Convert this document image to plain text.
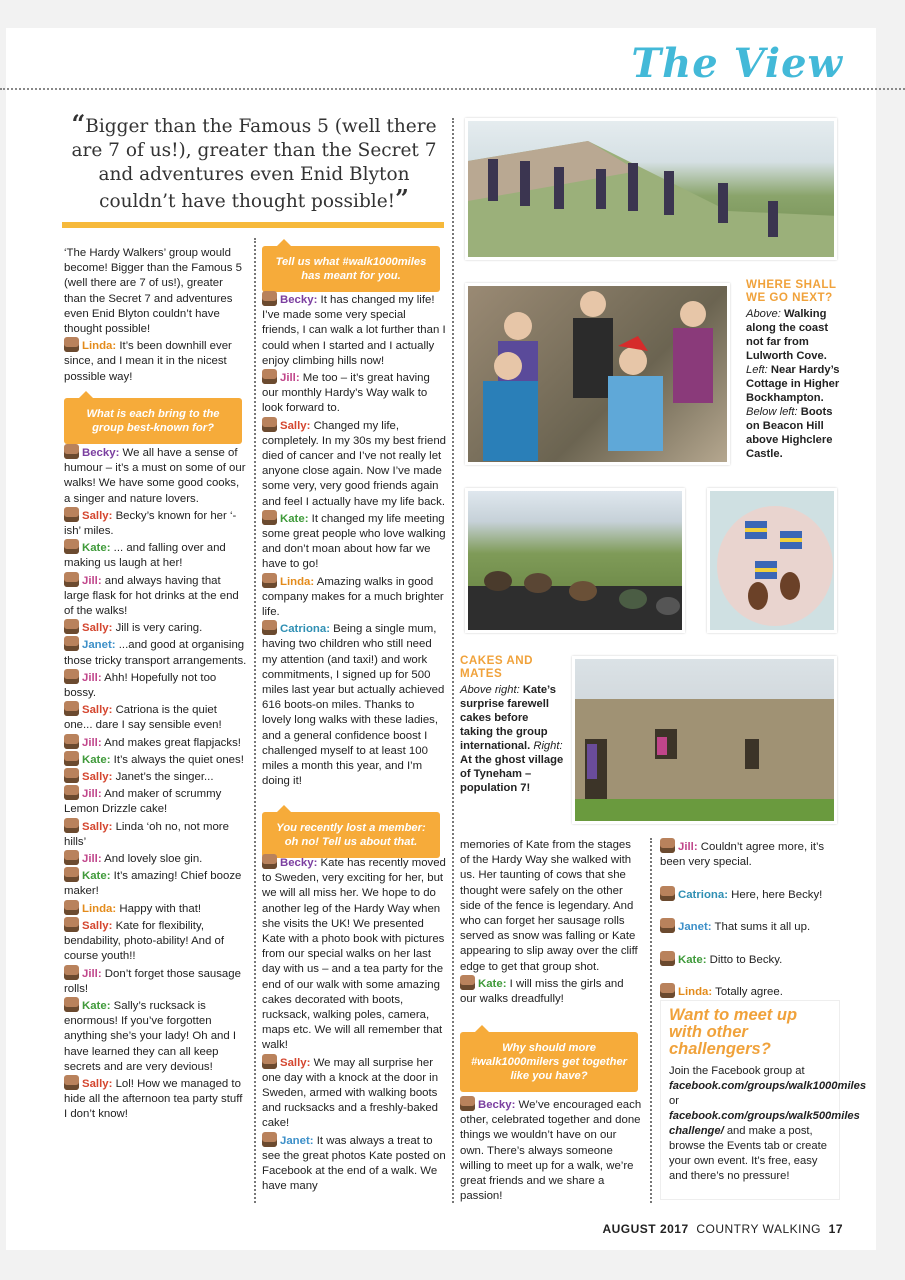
The View
“Bigger than the Famous 5 (well there are 7 of us!), greater than the Secret 7 and adventures even Enid Blyton couldn’t have thought possible!”

‘The Hardy Walkers’ group would become! Bigger than the Famous 5 (well there are 7 of us!), greater than the Secret 7 and adventures even Enid Blyton couldn’t have thought possible!

Linda: It’s been downhill ever since, and I mean it in the nicest possible way!

What is each bring to the group best-known for?

Becky: We all have a sense of humour – it’s a must on some of our walks! We have some good cooks, a singer and nature lovers.

Sally: Becky’s known for her ‘-ish’ miles.

Kate: ... and falling over and making us laugh at her!

Jill: and always having that large flask for hot drinks at the end of the walks!

Sally: Jill is very caring.

Janet: ...and good at organising those tricky transport arrangements.

Jill: Ahh! Hopefully not too bossy.

Sally: Catriona is the quiet one... dare I say sensible even!

Jill: And makes great flapjacks!

Kate: It’s always the quiet ones!

Sally: Janet’s the singer...

Jill: And maker of scrummy Lemon Drizzle cake!

Sally: Linda ‘oh no, not more hills’

Jill: And lovely sloe gin.

Kate: It’s amazing! Chief booze maker!

Linda: Happy with that!

Sally: Kate for flexibility, bendability, photo-ability! And of course youth!!

Jill: Don’t forget those sausage rolls!

Kate: Sally’s rucksack is enormous! If you’ve forgotten anything she’s your lady! Oh and I have learned they can all keep secrets and are very devious!

Sally: Lol! How we managed to hide all the afternoon tea party stuff I don’t know!

Tell us what #walk1000miles has meant for you.

Becky: It has changed my life! I’ve made some very special friends, I can walk a lot further than I could when I started and I actually enjoy climbing hills now!

Jill: Me too – it’s great having our monthly Hardy’s Way walk to look forward to.

Sally: Changed my life, completely. In my 30s my best friend died of cancer and I’ve not really let anyone close again. Now I’ve made some very, very good friends again and feel I actually have my life back.

Kate: It changed my life meeting some great people who love walking and don’t moan about how far we have to go!

Linda: Amazing walks in good company makes for a much brighter life.

Catriona: Being a single mum, having two children who still need my attention (and taxi!) and work commitments, I signed up for 500 miles last year but actually achieved 616 boots-on miles. Thanks to lovely long walks with these ladies, and a general confidence boost I challenged myself to at least 100 miles a month this year, and I’m doing it!

You recently lost a member: oh no! Tell us about that.

Becky: Kate has recently moved to Sweden, very exciting for her, but we will all miss her. We hope to do another leg of the Hardy Way when she visits the UK! We presented Kate with a photo book with pictures from our special walks on her last day with us – and a tea party for the end of our walk with some amazing cakes decorated with boots, rucksack, walking poles, camera, maps etc. We will all remember that walk!

Sally: We may all surprise her one day with a knock at the door in Sweden, armed with walking boots and rucksacks and a freshly-baked cake!

Janet: It was always a treat to see the great photos Kate posted on Facebook at the end of a walk. We have many

WHERE SHALL WE GO NEXT?
Above: Walking along the coast not far from Lulworth Cove. Left: Near Hardy’s Cottage in Higher Bockhampton. Below left: Boots on Beacon Hill above Highclere Castle.
CAKES AND MATES
Above right: Kate’s surprise farewell cakes before taking the group international. Right: At the ghost village of Tyneham – population 7!

memories of Kate from the stages of the Hardy Way she walked with us. Her taunting of cows that she thought were safely on the other side of the fence is legendary. And who can forget her sausage rolls served as snow was falling or Kate appearing to slip away over the cliff edge to get that group shot.

Kate: I will miss the girls and our walks dreadfully!

Why should more #walk1000milers get together like you have?

Becky: We’ve encouraged each other, celebrated together and done things we wouldn’t have on our own. There’s always someone willing to meet up for a walk, we’re great friends and we share a passion!

Jill: Couldn’t agree more, it’s been very special.

Catriona: Here, here Becky!

Janet: That sums it all up.

Kate: Ditto to Becky.

Linda: Totally agree.

Want to meet up with other challengers?

Join the Facebook group at facebook.com/groups/walk1000miles or facebook.com/groups/walk500miles challenge/ and make a post, browse the Events tab or create your own event. It’s free, easy and there’s no pressure!

AUGUST 2017 COUNTRY WALKING 17
